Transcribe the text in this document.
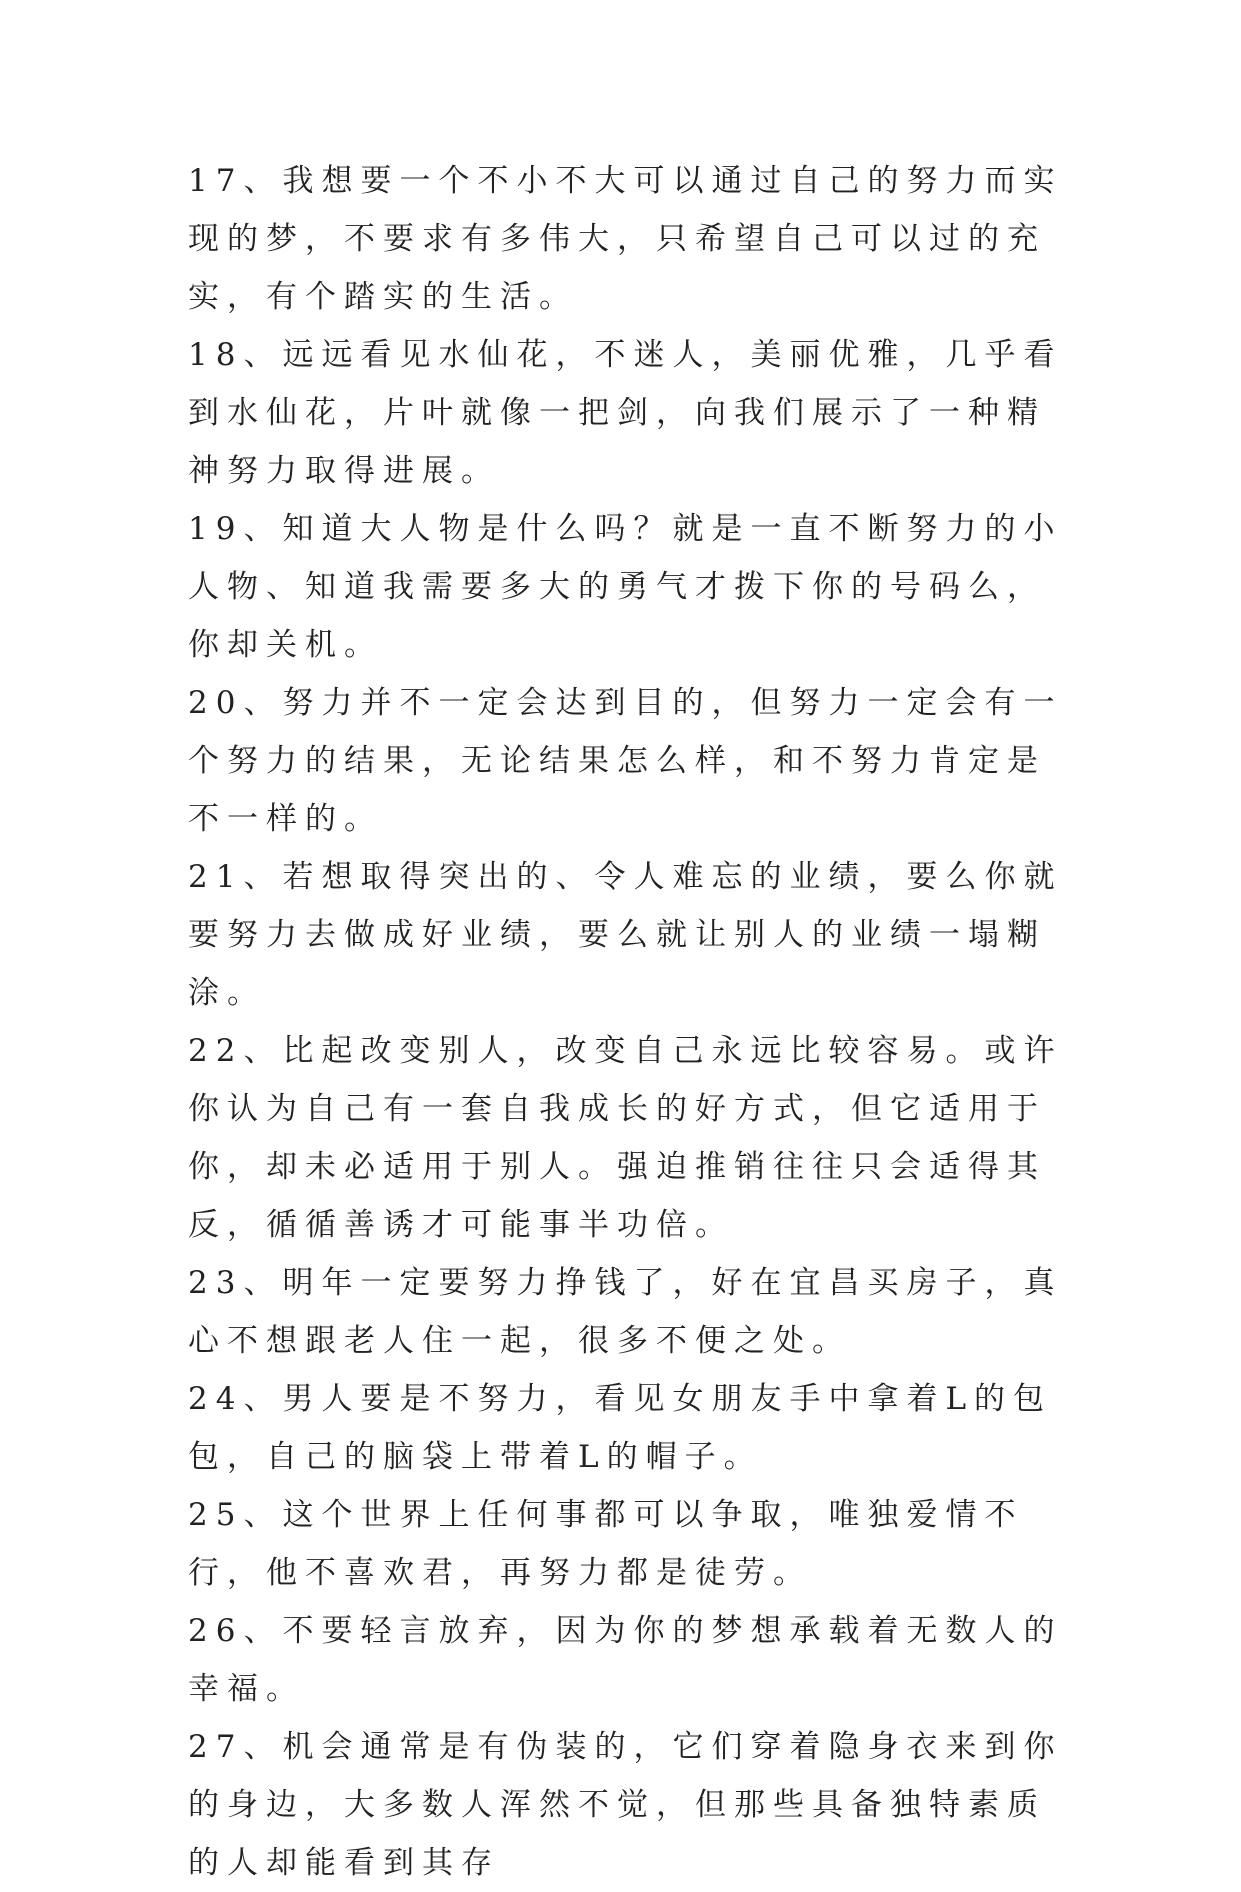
17、我想要一个不小不大可以通过自己的努力而实现的梦，不要求有多伟大，只希望自己可以过的充实，有个踏实的生活。

18、远远看见水仙花，不迷人，美丽优雅，几乎看到水仙花，片叶就像一把剑，向我们展示了一种精神努力取得进展。

19、知道大人物是什么吗？就是一直不断努力的小人物、知道我需要多大的勇气才拨下你的号码么，你却关机。

20、努力并不一定会达到目的，但努力一定会有一个努力的结果，无论结果怎么样，和不努力肯定是不一样的。

21、若想取得突出的、令人难忘的业绩，要么你就要努力去做成好业绩，要么就让别人的业绩一塌糊涂。

22、比起改变别人，改变自己永远比较容易。或许你认为自己有一套自我成长的好方式，但它适用于你，却未必适用于别人。强迫推销往往只会适得其反，循循善诱才可能事半功倍。

23、明年一定要努力挣钱了，好在宜昌买房子，真心不想跟老人住一起，很多不便之处。

24、男人要是不努力，看见女朋友手中拿着L的包包，自己的脑袋上带着L的帽子。

25、这个世界上任何事都可以争取，唯独爱情不行，他不喜欢君，再努力都是徒劳。

26、不要轻言放弃，因为你的梦想承载着无数人的幸福。

27、机会通常是有伪装的，它们穿着隐身衣来到你的身边，大多数人浑然不觉，但那些具备独特素质的人却能看到其存
